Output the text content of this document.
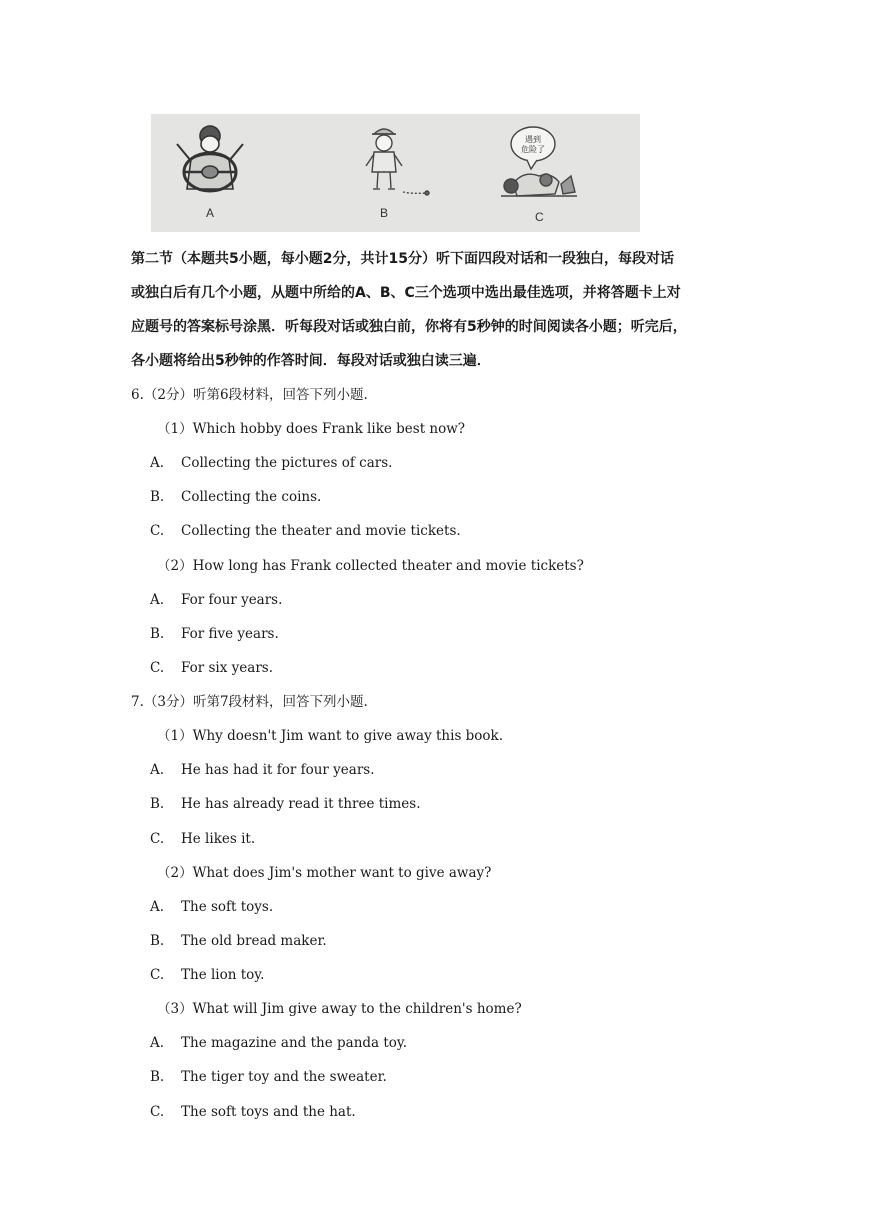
遇到
危险了
A	B	C
第二节（本题共5小题，每小题2分，共计15分）听下面四段对话和一段独白，每段对话
或独白后有几个小题，从题中所给的A、B、C三个选项中选出最佳选项，并将答题卡上对
应题号的答案标号涂黑．听每段对话或独白前，你将有5秒钟的时间阅读各小题；听完后，
各小题将给出5秒钟的作答时间．每段对话或独白读三遍．
6.（2分）听第6段材料，回答下列小题.
（1）Which hobby does Frank like best now?
A. Collecting the pictures of cars.
B. Collecting the coins.
C. Collecting the theater and movie tickets.
（2）How long has Frank collected theater and movie tickets?
A. For four years.
B. For five years.
C. For six years.
7.（3分）听第7段材料，回答下列小题.
（1）Why doesn't Jim want to give away this book.
A. He has had it for four years.
B. He has already read it three times.
C. He likes it.
（2）What does Jim's mother want to give away?
A. The soft toys.
B. The old bread maker.
C. The lion toy.
（3）What will Jim give away to the children's home?
A. The magazine and the panda toy.
B. The tiger toy and the sweater.
C. The soft toys and the hat.
